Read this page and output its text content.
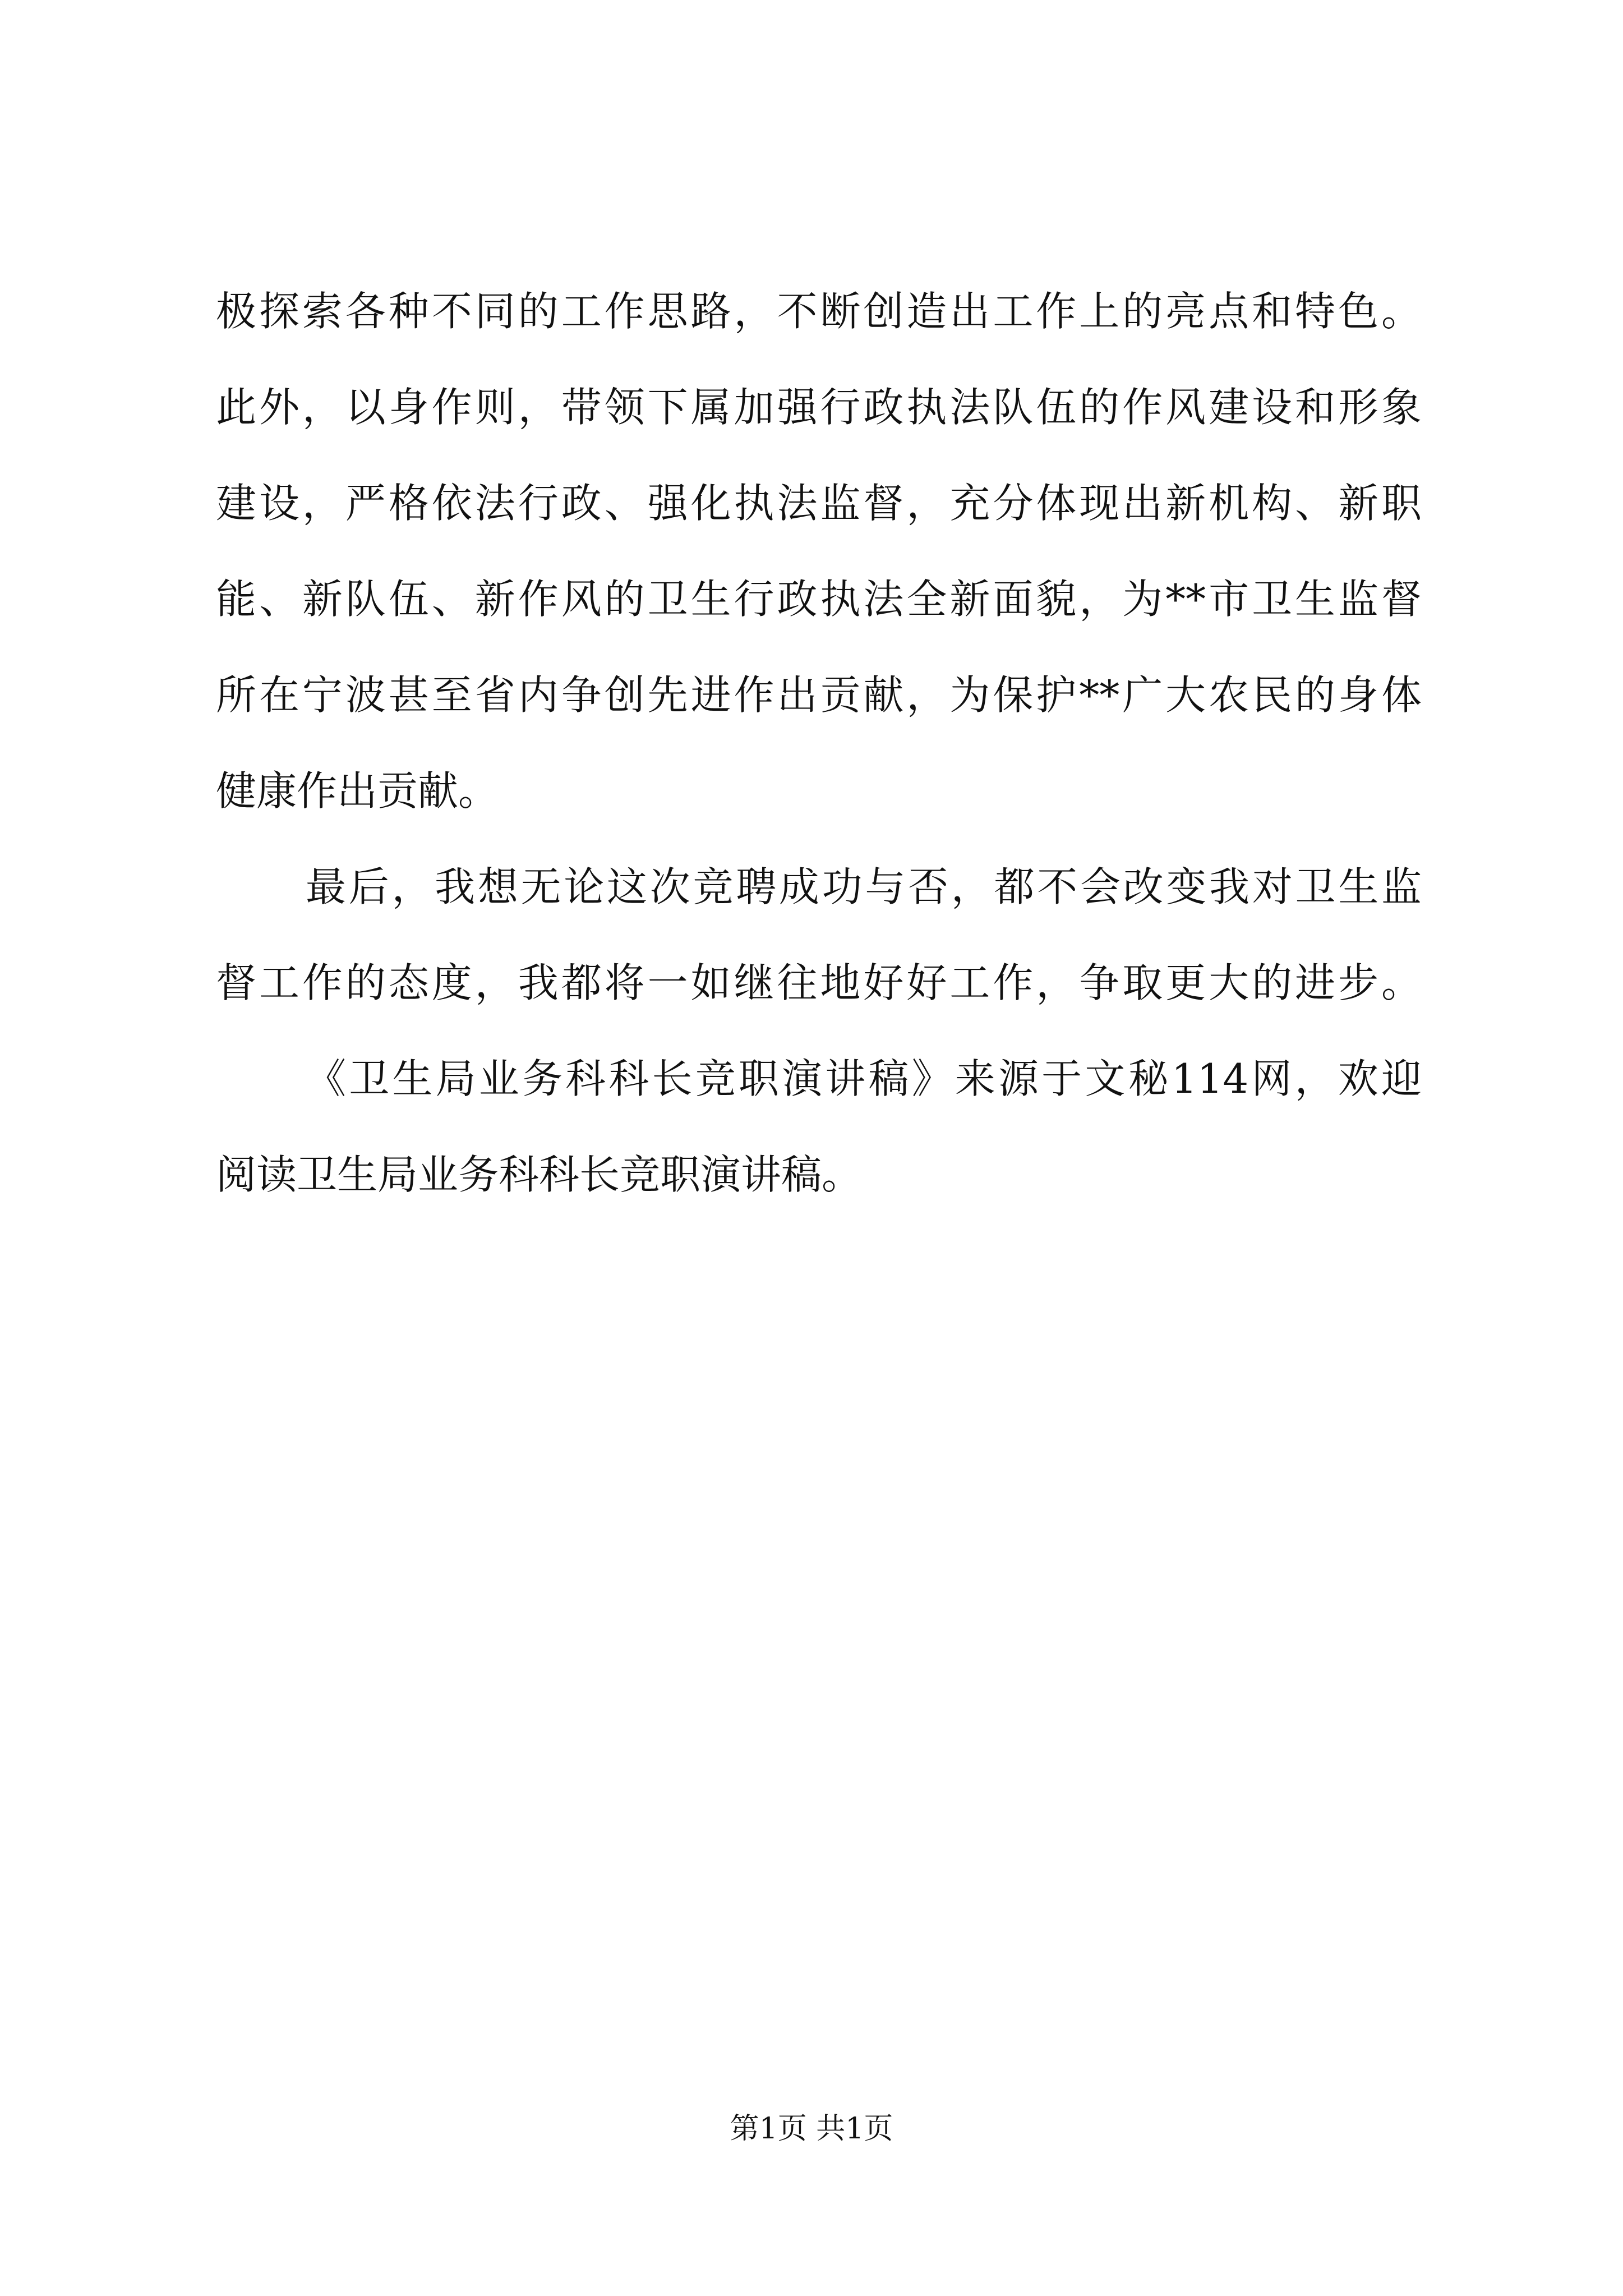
极探索各种不同的工作思路，不断创造出工作上的亮点和特色。
此外，以身作则，带领下属加强行政执法队伍的作风建设和形象
建设，严格依法行政、强化执法监督，充分体现出新机构、新职
能、新队伍、新作风的卫生行政执法全新面貌，为**市卫生监督
所在宁波甚至省内争创先进作出贡献，为保护**广大农民的身体
健康作出贡献。
最后，我想无论这次竞聘成功与否，都不会改变我对卫生监
督工作的态度，我都将一如继往地好好工作，争取更大的进步。
《卫生局业务科科长竞职演讲稿》来源于文秘114网，欢迎
阅读卫生局业务科科长竞职演讲稿。
第1页 共1页
